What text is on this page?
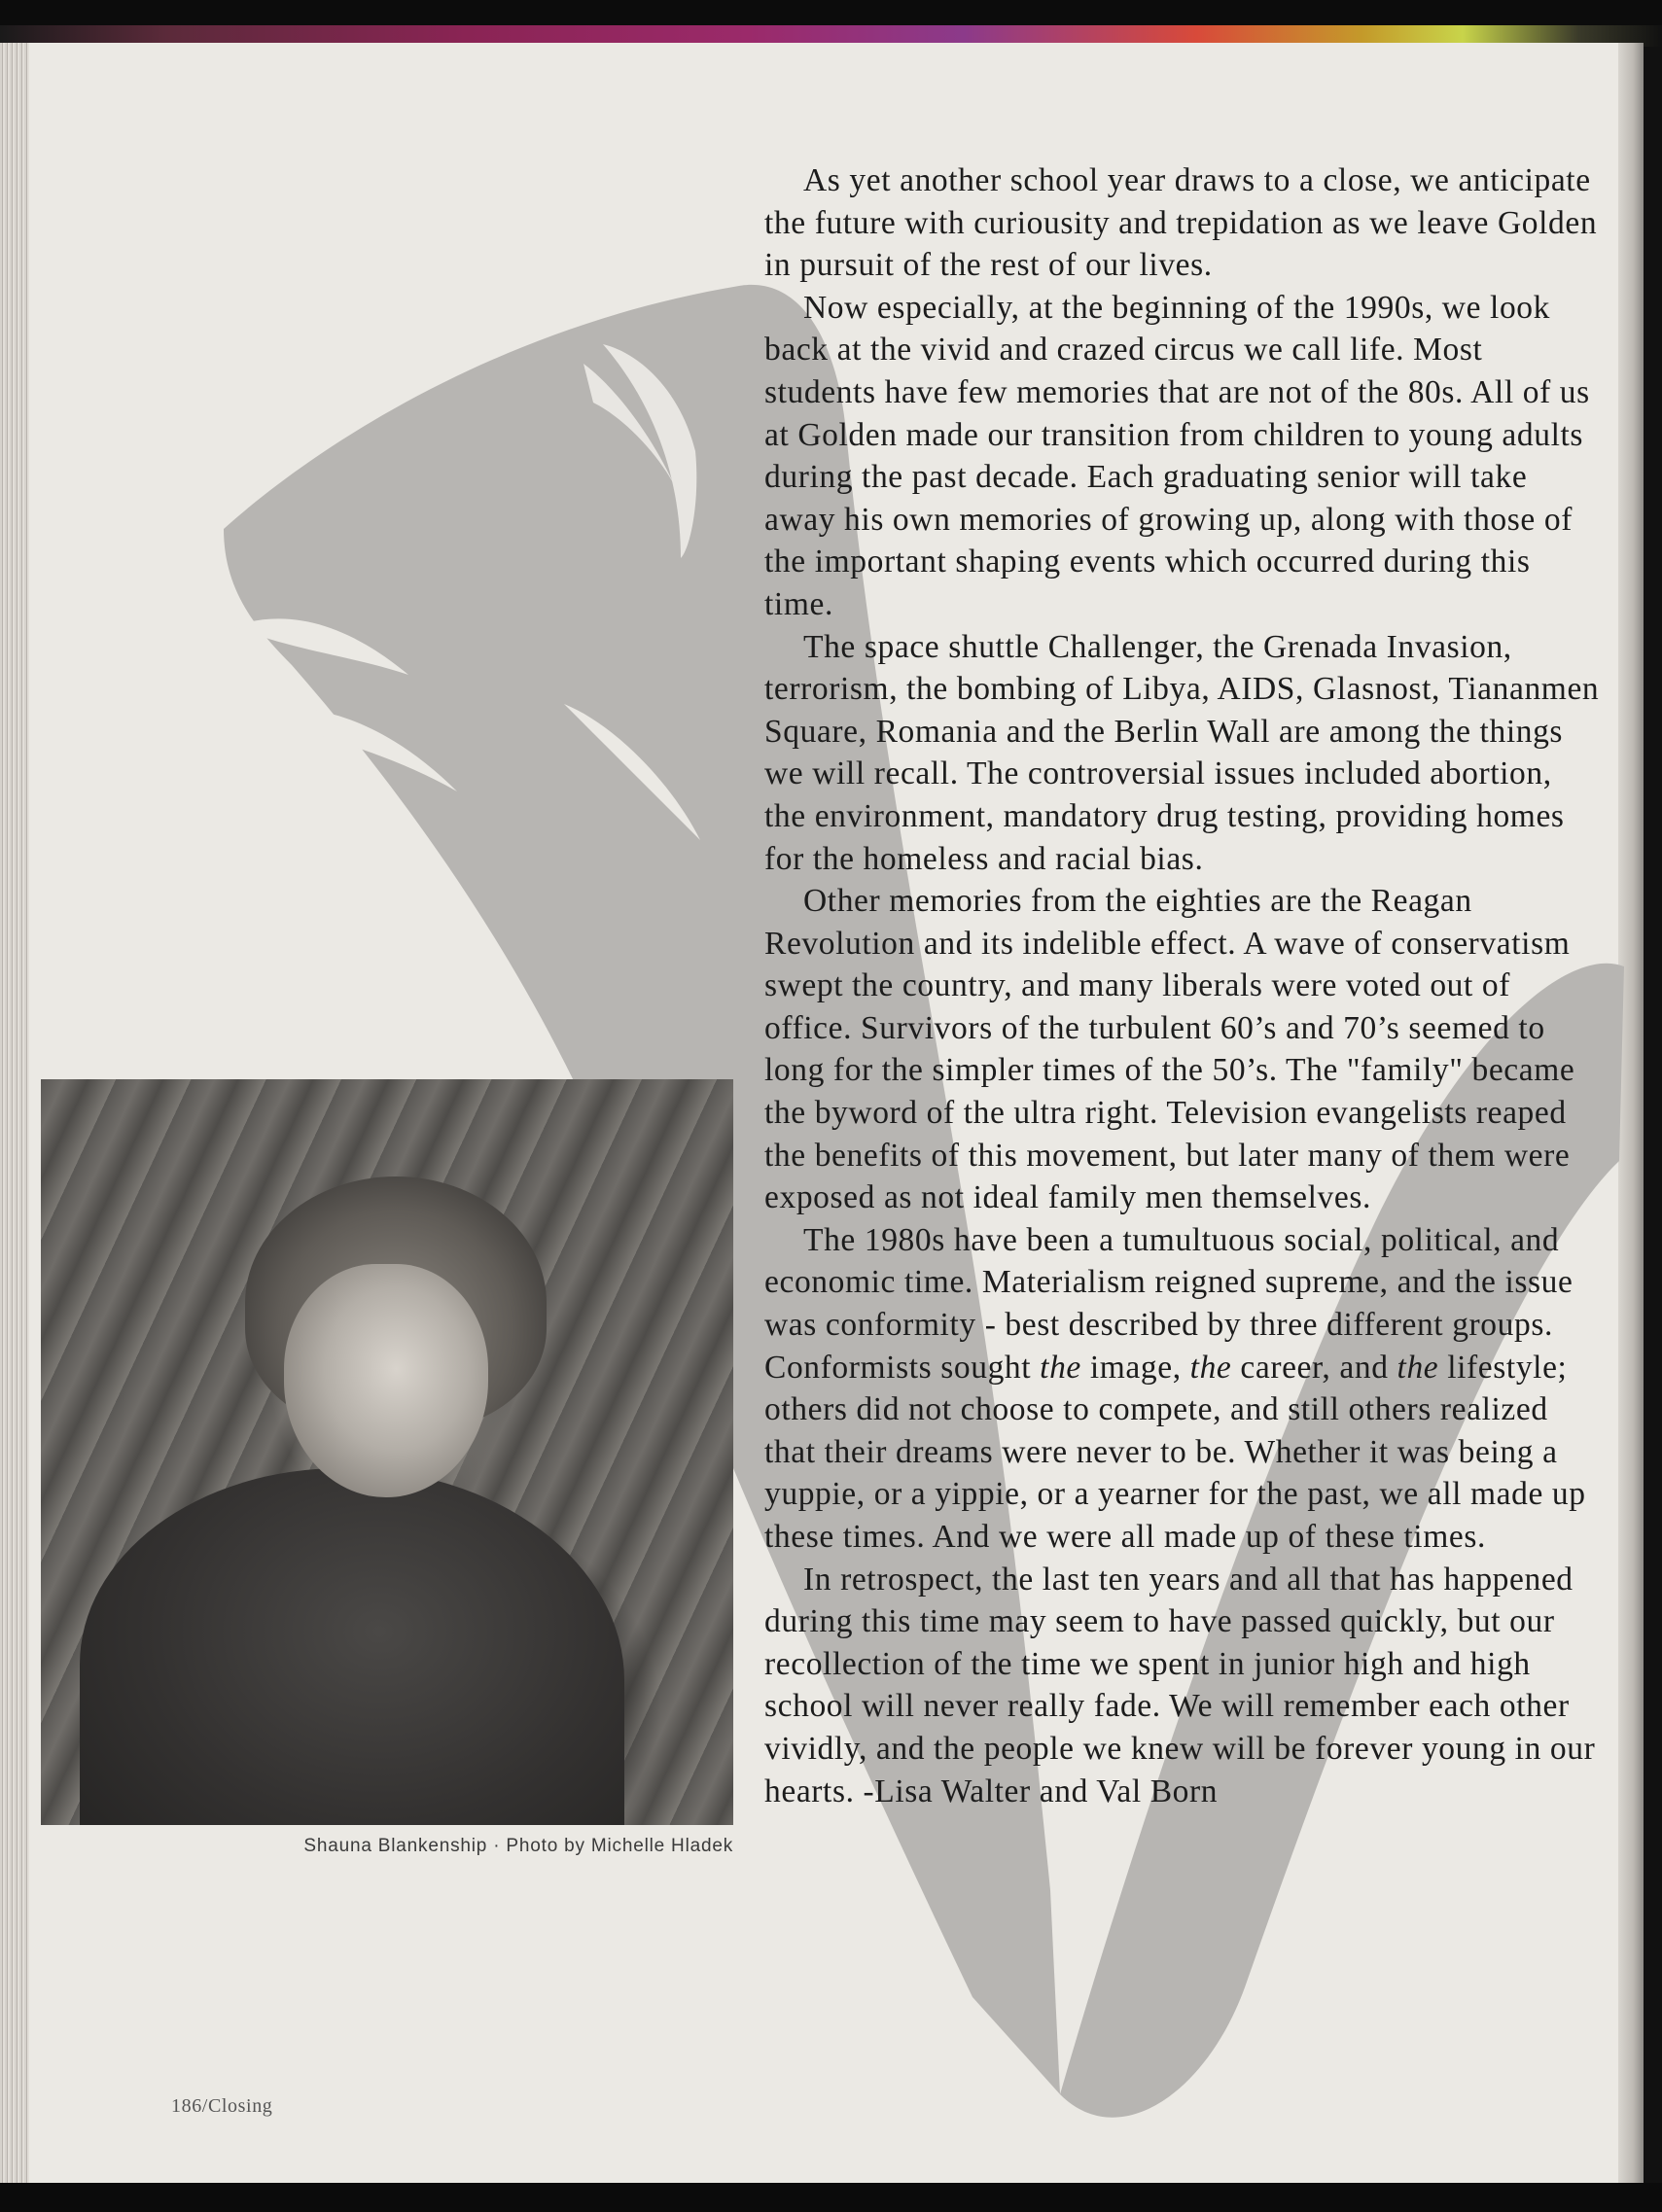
As yet another school year draws to a close, we anticipate the future with curiousity and trepidation as we leave Golden in pursuit of the rest of our lives.

Now especially, at the beginning of the 1990s, we look back at the vivid and crazed circus we call life. Most students have few memories that are not of the 80s. All of us at Golden made our transition from children to young adults during the past decade. Each graduating senior will take away his own memories of growing up, along with those of the important shaping events which occurred during this time.

The space shuttle Challenger, the Grenada Invasion, terrorism, the bombing of Libya, AIDS, Glasnost, Tiananmen Square, Romania and the Berlin Wall are among the things we will recall. The controversial issues included abortion, the environment, mandatory drug testing, providing homes for the homeless and racial bias.

Other memories from the eighties are the Reagan Revolution and its indelible effect. A wave of conservatism swept the country, and many liberals were voted out of office. Survivors of the turbulent 60’s and 70’s seemed to long for the simpler times of the 50’s. The "family" became the byword of the ultra right. Television evangelists reaped the benefits of this movement, but later many of them were exposed as not ideal family men themselves.

The 1980s have been a tumultuous social, political, and economic time. Materialism reigned supreme, and the issue was conformity - best described by three different groups. Conformists sought the image, the career, and the lifestyle; others did not choose to compete, and still others realized that their dreams were never to be. Whether it was being a yuppie, or a yippie, or a yearner for the past, we all made up these times. And we were all made up of these times.

In retrospect, the last ten years and all that has happened during this time may seem to have passed quickly, but our recollection of the time we spent in junior high and high school will never really fade. We will remember each other vividly, and the people we knew will be forever young in our hearts. -Lisa Walter and Val Born

Shauna Blankenship · Photo by Michelle Hladek
186/Closing
